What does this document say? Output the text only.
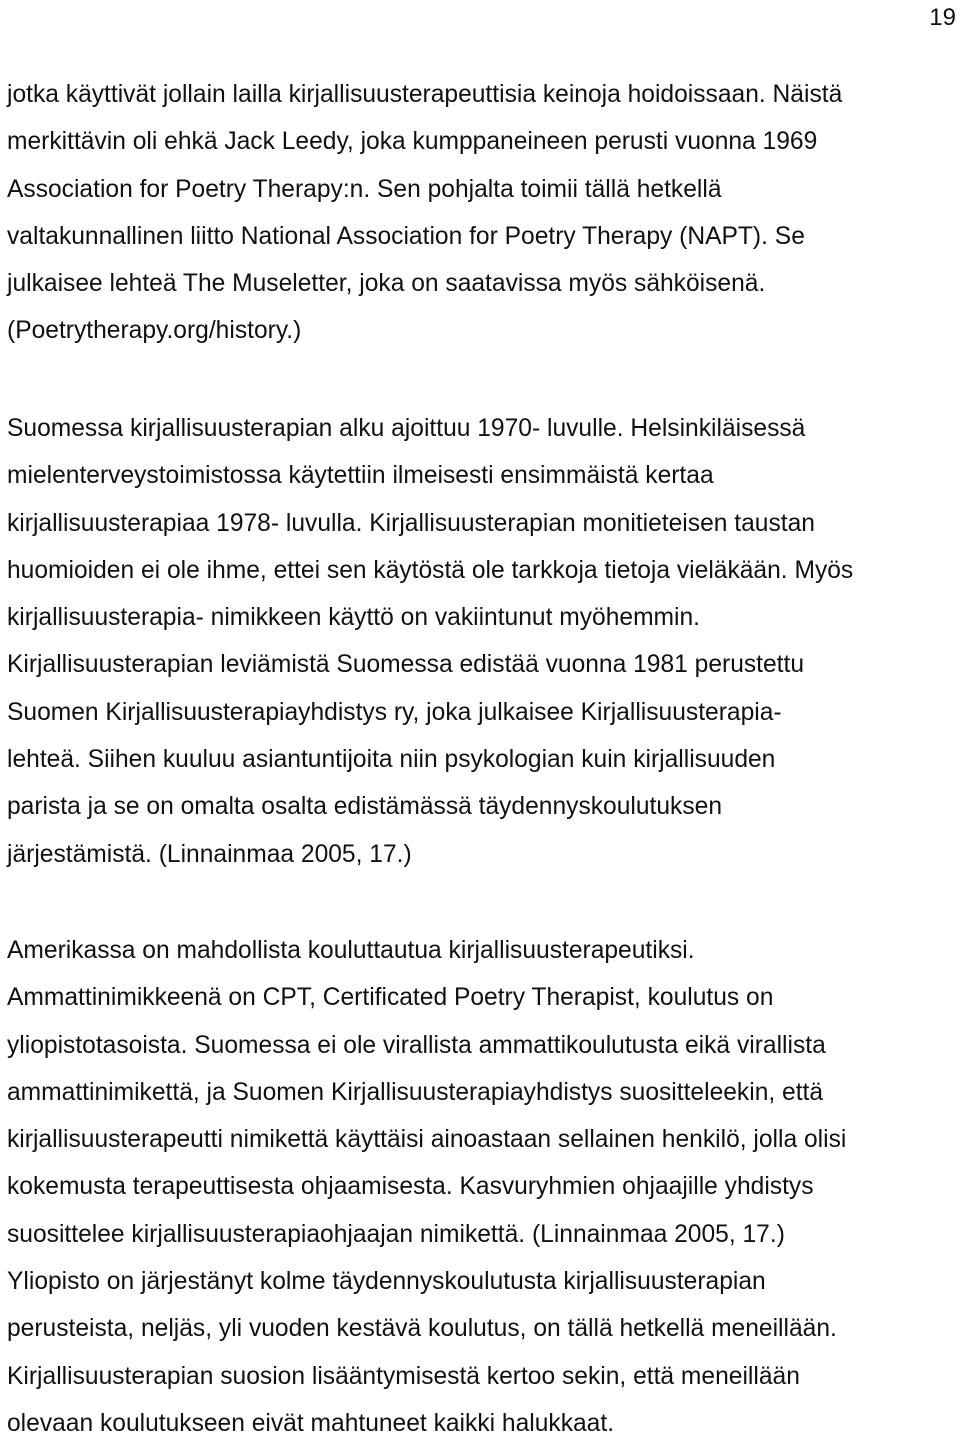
19

jotka käyttivät jollain lailla kirjallisuusterapeuttisia keinoja hoidoissaan. Näistä
merkittävin oli ehkä Jack Leedy, joka kumppaneineen perusti vuonna 1969
Association for Poetry Therapy:n. Sen pohjalta toimii tällä hetkellä
valtakunnallinen liitto National Association for Poetry Therapy (NAPT). Se
julkaisee lehteä The Museletter, joka on saatavissa myös sähköisenä.
(Poetrytherapy.org/history.)

Suomessa kirjallisuusterapian alku ajoittuu 1970- luvulle. Helsinkiläisessä
mielenterveystoimistossa käytettiin ilmeisesti ensimmäistä kertaa
kirjallisuusterapiaa 1978- luvulla. Kirjallisuusterapian monitieteisen taustan
huomioiden ei ole ihme, ettei sen käytöstä ole tarkkoja tietoja vieläkään. Myös
kirjallisuusterapia- nimikkeen käyttö on vakiintunut myöhemmin.
Kirjallisuusterapian leviämistä Suomessa edistää vuonna 1981 perustettu
Suomen Kirjallisuusterapiayhdistys ry, joka julkaisee Kirjallisuusterapia-
lehteä. Siihen kuuluu asiantuntijoita niin psykologian kuin kirjallisuuden
parista ja se on omalta osalta edistämässä täydennyskoulutuksen
järjestämistä. (Linnainmaa 2005, 17.)

Amerikassa on mahdollista kouluttautua kirjallisuusterapeutiksi.
Ammattinimikkeenä on CPT, Certificated Poetry Therapist, koulutus on
yliopistotasoista. Suomessa ei ole virallista ammattikoulutusta eikä virallista
ammattinimikettä, ja Suomen Kirjallisuusterapiayhdistys suositteleekin, että
kirjallisuusterapeutti nimikettä käyttäisi ainoastaan sellainen henkilö, jolla olisi
kokemusta terapeuttisesta ohjaamisesta. Kasvuryhmien ohjaajille yhdistys
suosittelee kirjallisuusterapiaohjaajan nimikettä. (Linnainmaa 2005, 17.)
Yliopisto on järjestänyt kolme täydennyskoulutusta kirjallisuusterapian
perusteista, neljäs, yli vuoden kestävä koulutus, on tällä hetkellä meneillään.
Kirjallisuusterapian suosion lisääntymisestä kertoo sekin, että meneillään
olevaan koulutukseen eivät mahtuneet kaikki halukkaat.
